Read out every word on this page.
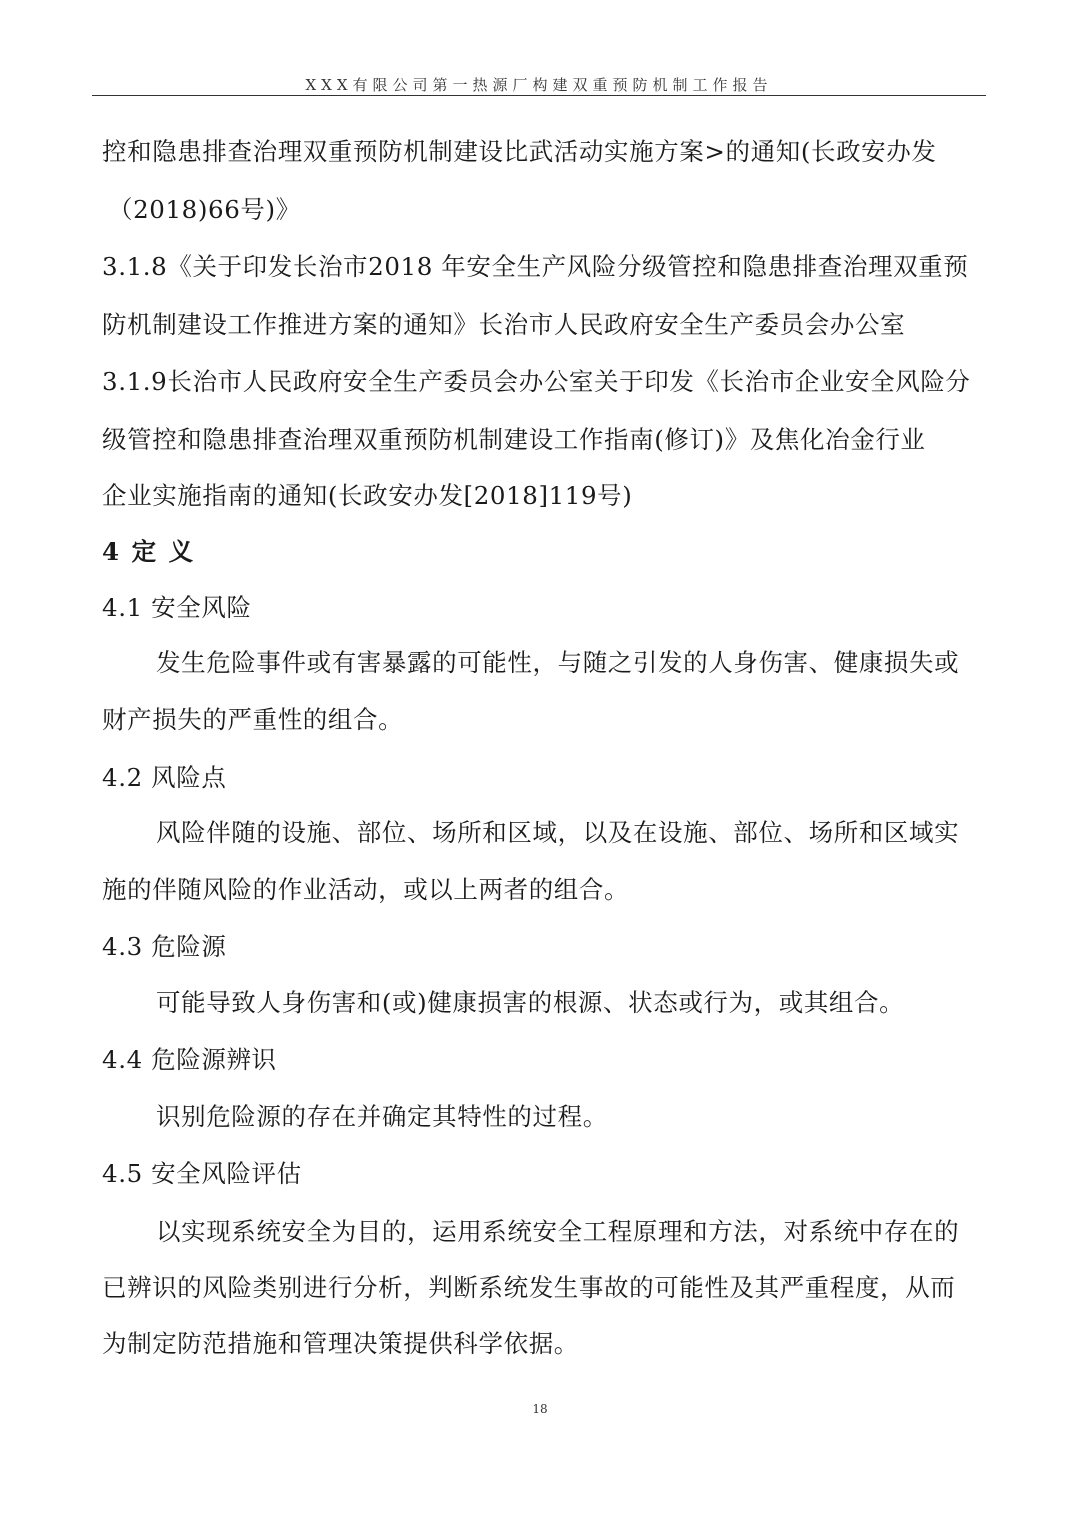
XXX有限公司第一热源厂构建双重预防机制工作报告
控和隐患排查治理双重预防机制建设比武活动实施方案>的通知(长政安办发
（2018)66号)》
3.1.8《关于印发长治市2018 年安全生产风险分级管控和隐患排查治理双重预
防机制建设工作推进方案的通知》长治市人民政府安全生产委员会办公室
3.1.9长治市人民政府安全生产委员会办公室关于印发《长治市企业安全风险分
级管控和隐患排查治理双重预防机制建设工作指南(修订)》及焦化冶金行业
企业实施指南的通知(长政安办发[2018]119号)
4 定 义
4.1 安全风险
发生危险事件或有害暴露的可能性，与随之引发的人身伤害、健康损失或
财产损失的严重性的组合。
4.2 风险点
风险伴随的设施、部位、场所和区域，以及在设施、部位、场所和区域实
施的伴随风险的作业活动，或以上两者的组合。
4.3 危险源
可能导致人身伤害和(或)健康损害的根源、状态或行为，或其组合。
4.4 危险源辨识
识别危险源的存在并确定其特性的过程。
4.5 安全风险评估
以实现系统安全为目的，运用系统安全工程原理和方法，对系统中存在的
已辨识的风险类别进行分析，判断系统发生事故的可能性及其严重程度，从而
为制定防范措施和管理决策提供科学依据。
18
